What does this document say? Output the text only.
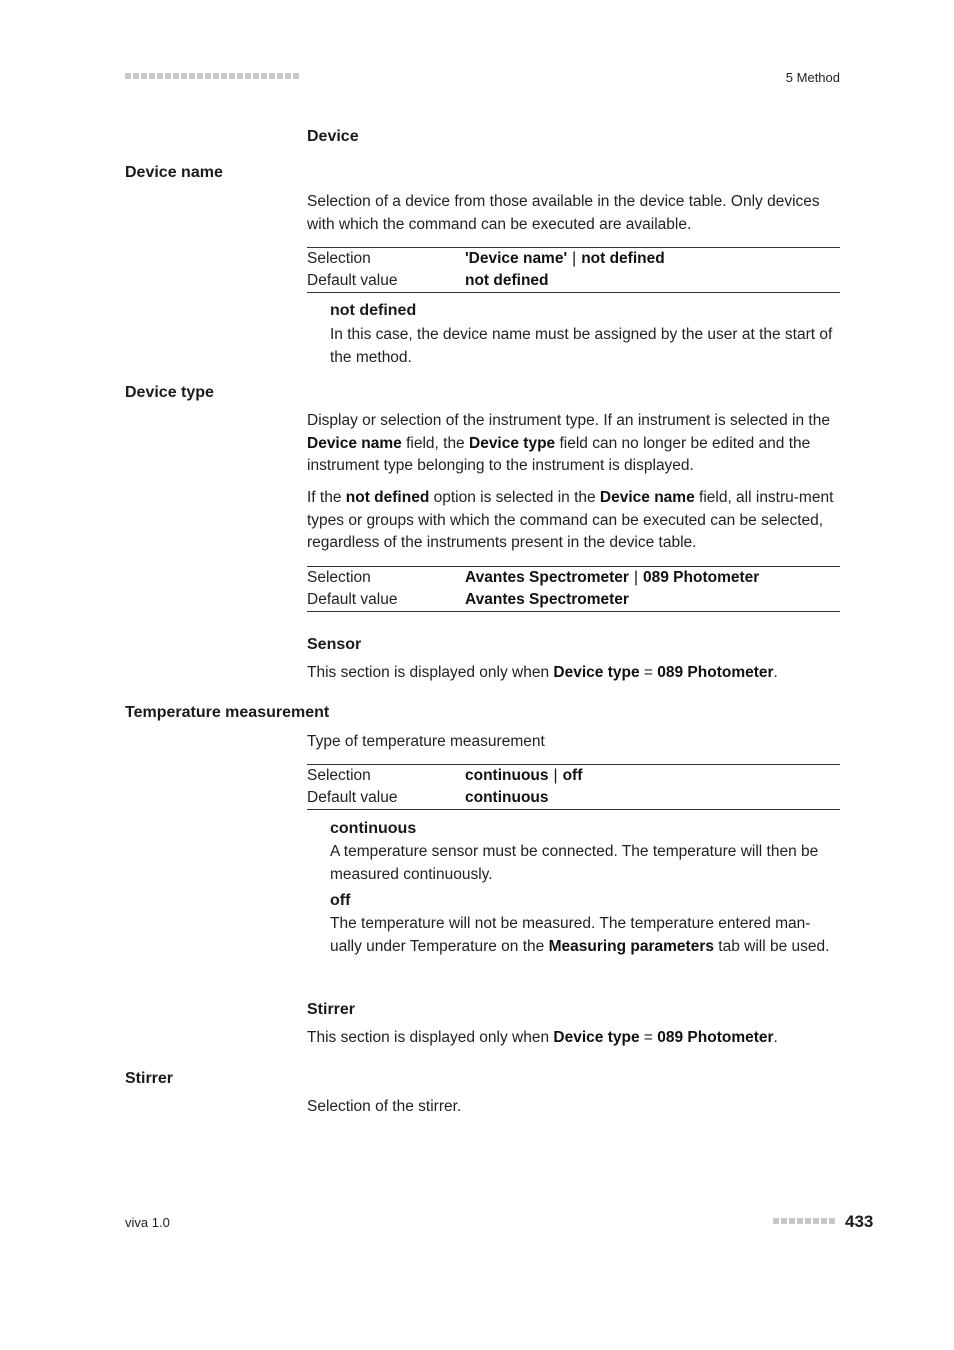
5 Method
Device
Device name
Selection of a device from those available in the device table. Only devices with which the command can be executed are available.
Selection	'Device name' | not defined
Default value	not defined
not defined
In this case, the device name must be assigned by the user at the start of the method.
Device type
Display or selection of the instrument type. If an instrument is selected in the Device name field, the Device type field can no longer be edited and the instrument type belonging to the instrument is displayed.
If the not defined option is selected in the Device name field, all instru-ment types or groups with which the command can be executed can be selected, regardless of the instruments present in the device table.
Selection	Avantes Spectrometer | 089 Photometer
Default value	Avantes Spectrometer
Sensor
This section is displayed only when Device type = 089 Photometer.
Temperature measurement
Type of temperature measurement
Selection	continuous | off
Default value	continuous
continuous
A temperature sensor must be connected. The temperature will then be measured continuously.
off
The temperature will not be measured. The temperature entered man-ually under Temperature on the Measuring parameters tab will be used.
Stirrer
This section is displayed only when Device type = 089 Photometer.
Stirrer
Selection of the stirrer.
viva 1.0	433
